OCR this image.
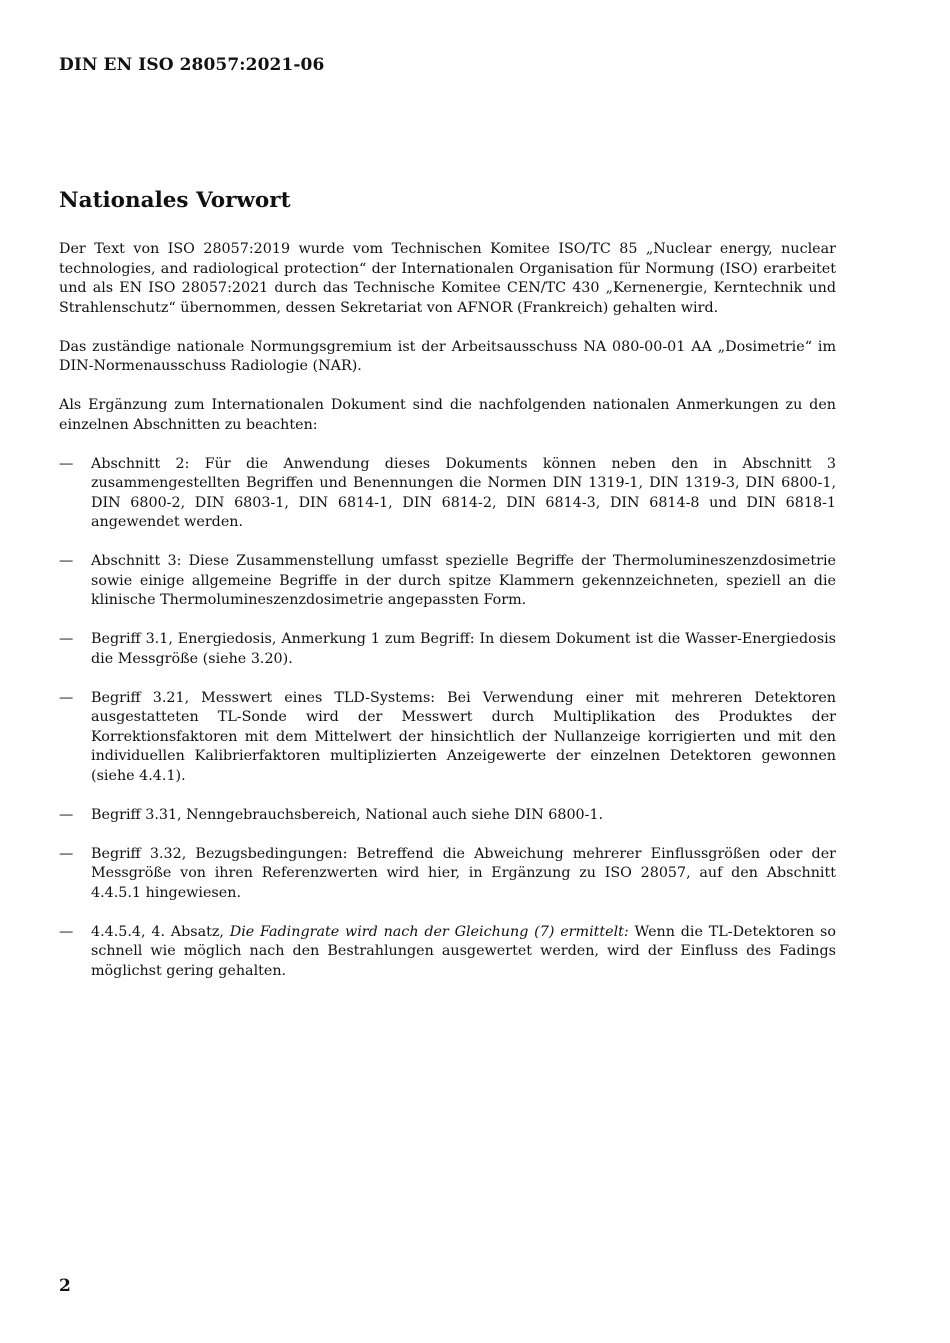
DIN EN ISO 28057:2021-06
Nationales Vorwort

Der Text von ISO 28057:2019 wurde vom Technischen Komitee ISO/TC 85 „Nuclear energy, nuclear technologies, and radiological protection“ der Internationalen Organisation für Normung (ISO) erarbeitet und als EN ISO 28057:2021 durch das Technische Komitee CEN/TC 430 „Kernenergie, Kerntechnik und Strahlenschutz“ übernommen, dessen Sekretariat von AFNOR (Frankreich) gehalten wird.

Das zuständige nationale Normungsgremium ist der Arbeitsausschuss NA 080-00-01 AA „Dosimetrie“ im DIN-Normenausschuss Radiologie (NAR).

Als Ergänzung zum Internationalen Dokument sind die nachfolgenden nationalen Anmerkungen zu den einzelnen Abschnitten zu beachten:

— Abschnitt 2: Für die Anwendung dieses Dokuments können neben den in Abschnitt 3 zusammengestellten Begriffen und Benennungen die Normen DIN 1319-1, DIN 1319-3, DIN 6800-1, DIN 6800-2, DIN 6803-1, DIN 6814-1, DIN 6814-2, DIN 6814-3, DIN 6814-8 und DIN 6818-1 angewendet werden.
— Abschnitt 3: Diese Zusammenstellung umfasst spezielle Begriffe der Thermolumineszenzdosimetrie sowie einige allgemeine Begriffe in der durch spitze Klammern gekennzeichneten, speziell an die klinische Thermolumineszenzdosimetrie angepassten Form.
— Begriff 3.1, Energiedosis, Anmerkung 1 zum Begriff: In diesem Dokument ist die Wasser-Energiedosis die Messgröße (siehe 3.20).
— Begriff 3.21, Messwert eines TLD-Systems: Bei Verwendung einer mit mehreren Detektoren ausgestatteten TL-Sonde wird der Messwert durch Multiplikation des Produktes der Korrektionsfaktoren mit dem Mittelwert der hinsichtlich der Nullanzeige korrigierten und mit den individuellen Kalibrierfaktoren multiplizierten Anzeigewerte der einzelnen Detektoren gewonnen (siehe 4.4.1).
— Begriff 3.31, Nenngebrauchsbereich, National auch siehe DIN 6800-1.
— Begriff 3.32, Bezugsbedingungen: Betreffend die Abweichung mehrerer Einflussgrößen oder der Messgröße von ihren Referenzwerten wird hier, in Ergänzung zu ISO 28057, auf den Abschnitt 4.4.5.1 hingewiesen.
— 4.4.5.4, 4. Absatz, Die Fadingrate wird nach der Gleichung (7) ermittelt: Wenn die TL-Detektoren so schnell wie möglich nach den Bestrahlungen ausgewertet werden, wird der Einfluss des Fadings möglichst gering gehalten.
2
